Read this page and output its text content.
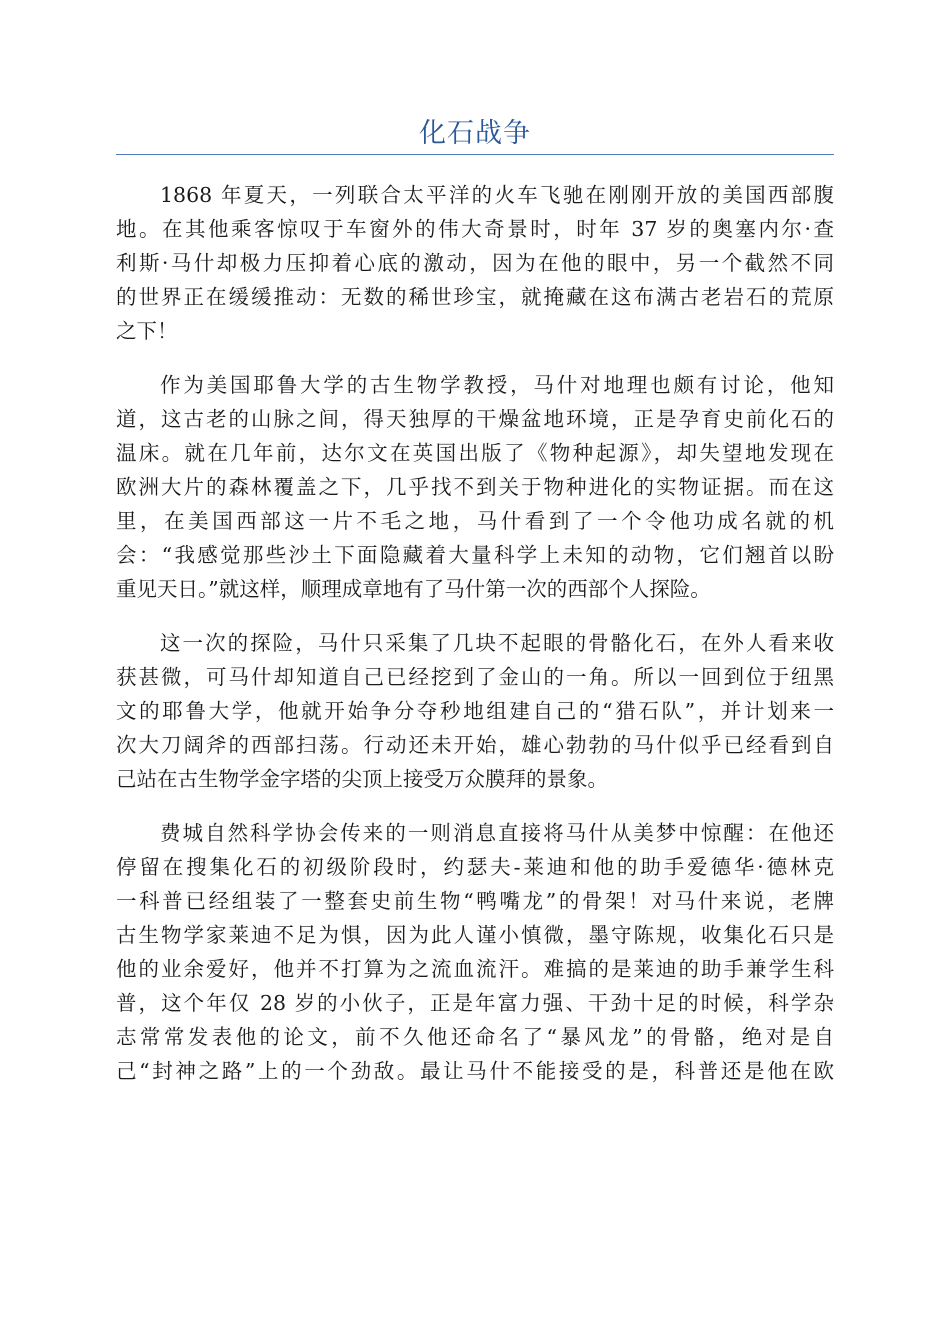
化石战争
1868 年夏天，一列联合太平洋的火车飞驰在刚刚开放的美国西部腹
地。在其他乘客惊叹于车窗外的伟大奇景时，时年 37 岁的奥塞内尔·查
利斯·马什却极力压抑着心底的激动，因为在他的眼中，另一个截然不同
的世界正在缓缓推动：无数的稀世珍宝，就掩藏在这布满古老岩石的荒原
之下！
作为美国耶鲁大学的古生物学教授，马什对地理也颇有讨论，他知
道，这古老的山脉之间，得天独厚的干燥盆地环境，正是孕育史前化石的
温床。就在几年前，达尔文在英国出版了《物种起源》，却失望地发现在
欧洲大片的森林覆盖之下，几乎找不到关于物种进化的实物证据。而在这
里，在美国西部这一片不毛之地，马什看到了一个令他功成名就的机
会：“我感觉那些沙土下面隐藏着大量科学上未知的动物，它们翘首以盼
重见天日。”就这样，顺理成章地有了马什第一次的西部个人探险。
这一次的探险，马什只采集了几块不起眼的骨骼化石，在外人看来收
获甚微，可马什却知道自己已经挖到了金山的一角。所以一回到位于纽黑
文的耶鲁大学，他就开始争分夺秒地组建自己的“猎石队”，并计划来一
次大刀阔斧的西部扫荡。行动还未开始，雄心勃勃的马什似乎已经看到自
己站在古生物学金字塔的尖顶上接受万众膜拜的景象。
费城自然科学协会传来的一则消息直接将马什从美梦中惊醒：在他还
停留在搜集化石的初级阶段时，约瑟夫-莱迪和他的助手爱德华·德林克
一科普已经组装了一整套史前生物“鸭嘴龙”的骨架！对马什来说，老牌
古生物学家莱迪不足为惧，因为此人谨小慎微，墨守陈规，收集化石只是
他的业余爱好，他并不打算为之流血流汗。难搞的是莱迪的助手兼学生科
普，这个年仅 28 岁的小伙子，正是年富力强、干劲十足的时候，科学杂
志常常发表他的论文，前不久他还命名了“暴风龙”的骨骼，绝对是自
己“封神之路”上的一个劲敌。最让马什不能接受的是，科普还是他在欧
